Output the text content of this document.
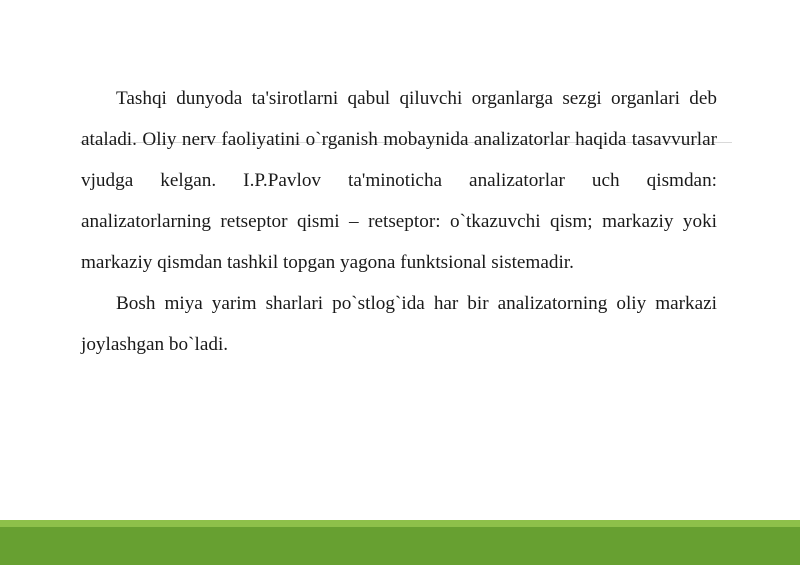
Tashqi dunyoda ta'sirotlarni qabul qiluvchi organlarga sezgi organlari deb ataladi. Oliy nerv faoliyatini o`rganish mobaynida analizatorlar haqida tasavvurlar vjudga kelgan. I.P.Pavlov ta'minoticha analizatorlar uch qismdan: analizatorlarning retseptor qismi – retseptor: o`tkazuvchi qism; markaziy yoki markaziy qismdan tashkil topgan yagona funktsional sistemadir.

Bosh miya yarim sharlari po`stlog`ida har bir analizatorning oliy markazi joylashgan bo`ladi.
